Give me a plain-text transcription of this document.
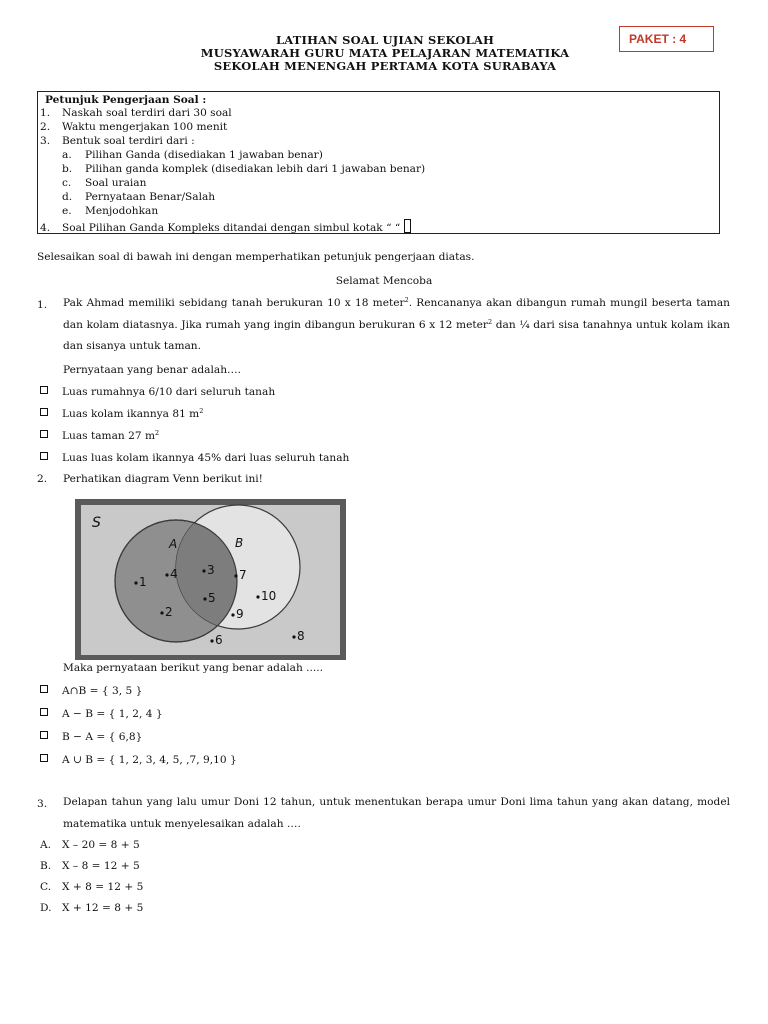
PAKET : 4
LATIHAN SOAL UJIAN SEKOLAH
MUSYAWARAH GURU MATA PELAJARAN MATEMATIKA
SEKOLAH MENENGAH PERTAMA KOTA SURABAYA
Petunjuk Pengerjaan Soal :
1. Naskah soal terdiri dari 30 soal
2. Waktu mengerjakan 100 menit
3. Bentuk soal terdiri dari :
a. Pilihan Ganda (disediakan 1 jawaban benar)
b. Pilihan ganda komplek (disediakan lebih dari 1 jawaban benar)
c. Soal uraian
d. Pernyataan Benar/Salah
e. Menjodohkan
4. Soal Pilihan Ganda Kompleks ditandai dengan simbul kotak “ “
Selesaikan soal di bawah ini dengan memperhatikan petunjuk pengerjaan diatas.
Selamat Mencoba
1. Pak Ahmad memiliki sebidang tanah berukuran 10 x 18 meter$^2$. Rencananya akan dibangun rumah mungil beserta taman dan kolam diatasnya. Jika rumah yang ingin dibangun berukuran 6 x 12 meter$^2$ dan ¼ dari sisa tanahnya untuk kolam ikan dan sisanya untuk taman.
Pernyataan yang benar adalah….
Luas rumahnya 6/10 dari seluruh tanah
Luas kolam ikannya 81 $m^2$
Luas taman 27 $m^2$
Luas luas kolam ikannya 45% dari luas seluruh tanah
2. Perhatikan diagram Venn berikut ini!
S
A	B
1
4 3
5
2
7
10
9
6	8
Maka pernyataan berikut yang benar adalah .....
A∩B = { 3, 5 }
A − B = { 1, 2, 4 }
B − A = { 6,8}
A ∪ B = { 1, 2, 3, 4, 5, ,7, 9,10 }
3. Delapan tahun yang lalu umur Doni 12 tahun, untuk menentukan berapa umur Doni lima tahun yang akan datang, model matematika untuk menyelesaikan adalah ….
A. X – 20 = 8 + 5
B. X – 8 = 12 + 5
C. X + 8 = 12 + 5
D. X + 12 = 8 + 5
